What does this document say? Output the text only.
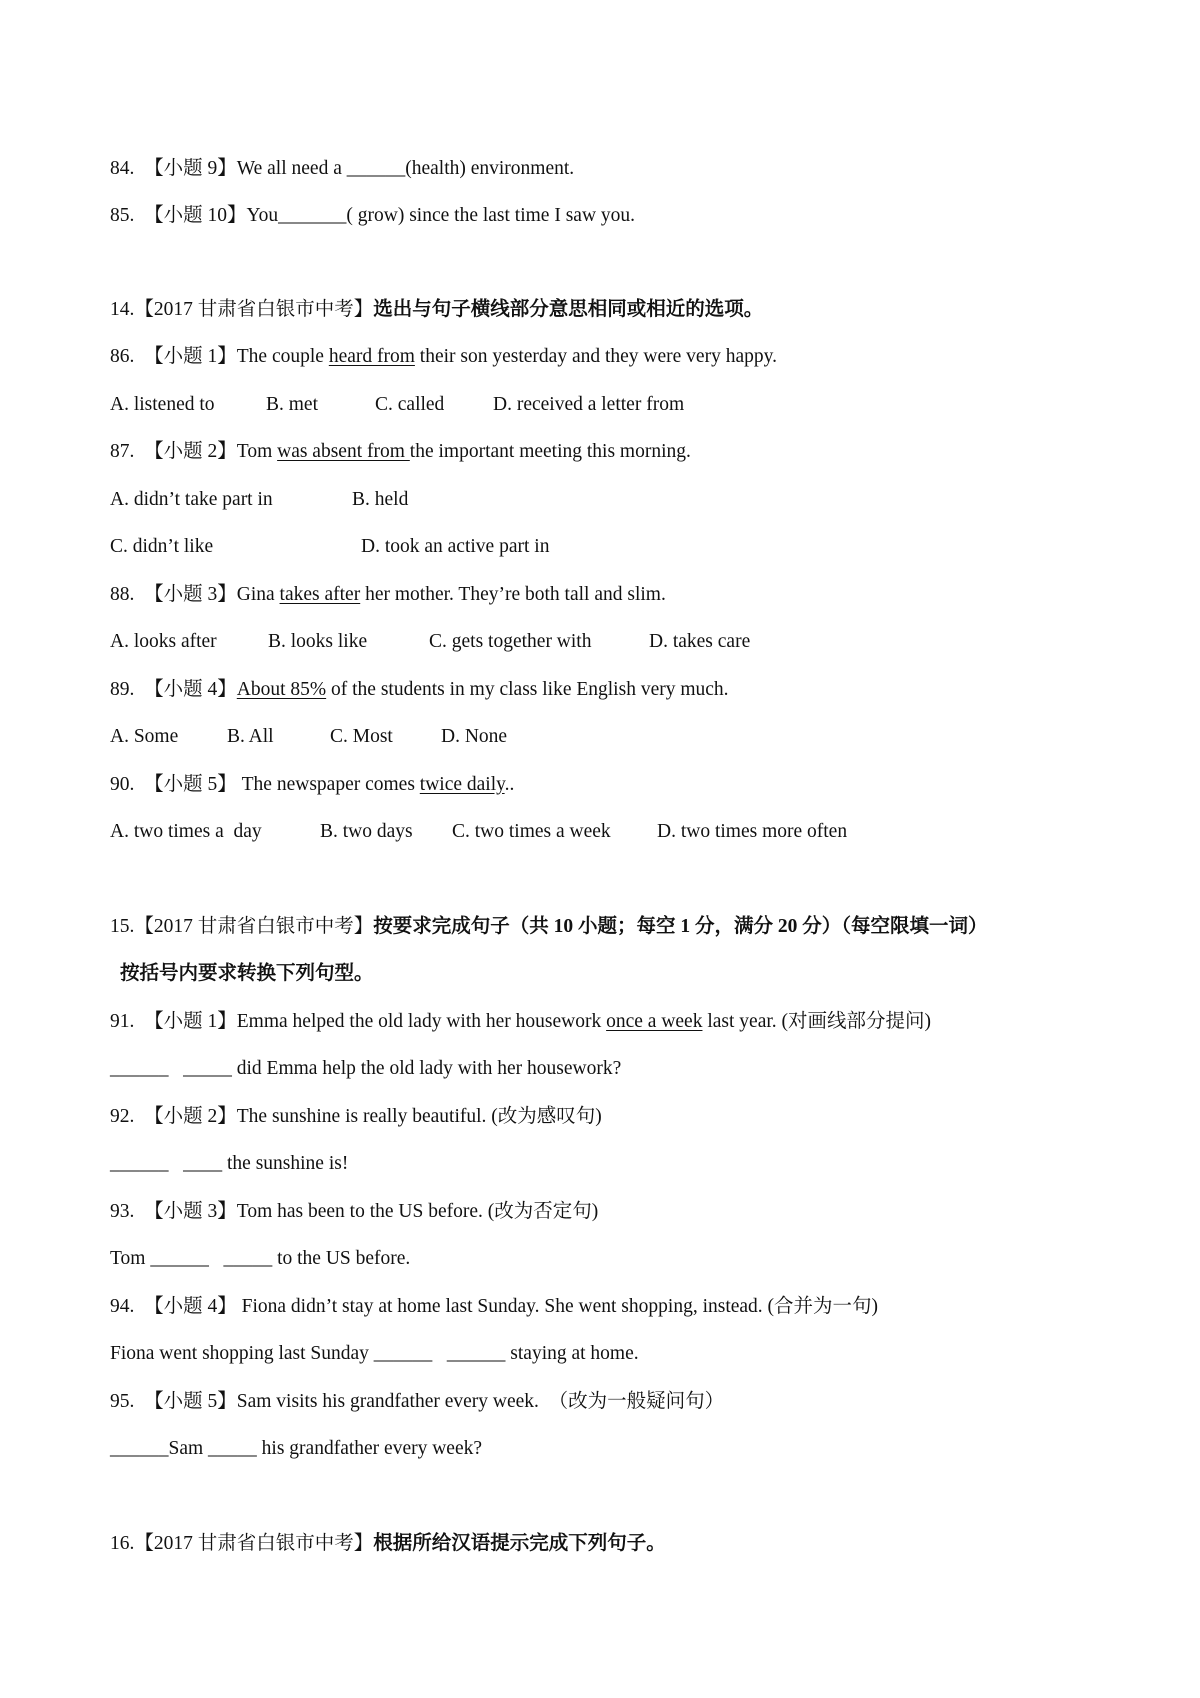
84. 【小题 9】We all need a ______(health) environment.
85. 【小题 10】You_______( grow) since the last time I saw you.
14.【2017 甘肃省白银市中考】选出与句子横线部分意思相同或相近的选项。
86. 【小题 1】The couple heard from their son yesterday and they were very happy.
A. listened to	B. met	C. called D. received a letter from
87. 【小题 2】Tom was absent from the important meeting this morning.
A. didn’t take part in	B. held
C. didn’t like	D. took an active part in
88. 【小题 3】Gina takes after her mother. They’re both tall and slim.
A. looks after	B. looks like	C. gets together with	D. takes care
89. 【小题 4】About 85% of the students in my class like English very much.
A. Some	B. All	C. Most D. None
90. 【小题 5】 The newspaper comes twice daily..
A. two times a  day	B. two days C. two times a week D. two times more often
15.【2017 甘肃省白银市中考】按要求完成句子（共 10 小题；每空 1 分，满分 20 分）（每空限填一词）
按括号内要求转换下列句型。
91. 【小题 1】Emma helped the old lady with her housework once a week last year. (对画线部分提问)
______   _____ did Emma help the old lady with her housework?
92. 【小题 2】The sunshine is really beautiful. (改为感叹句)
______   ____ the sunshine is!
93. 【小题 3】Tom has been to the US before. (改为否定句)
Tom ______   _____ to the US before.
94. 【小题 4】 Fiona didn’t stay at home last Sunday. She went shopping, instead. (合并为一句)
Fiona went shopping last Sunday ______   ______ staying at home.
95. 【小题 5】Sam visits his grandfather every week.  （改为一般疑问句）
______Sam _____ his grandfather every week?
16.【2017 甘肃省白银市中考】根据所给汉语提示完成下列句子。
